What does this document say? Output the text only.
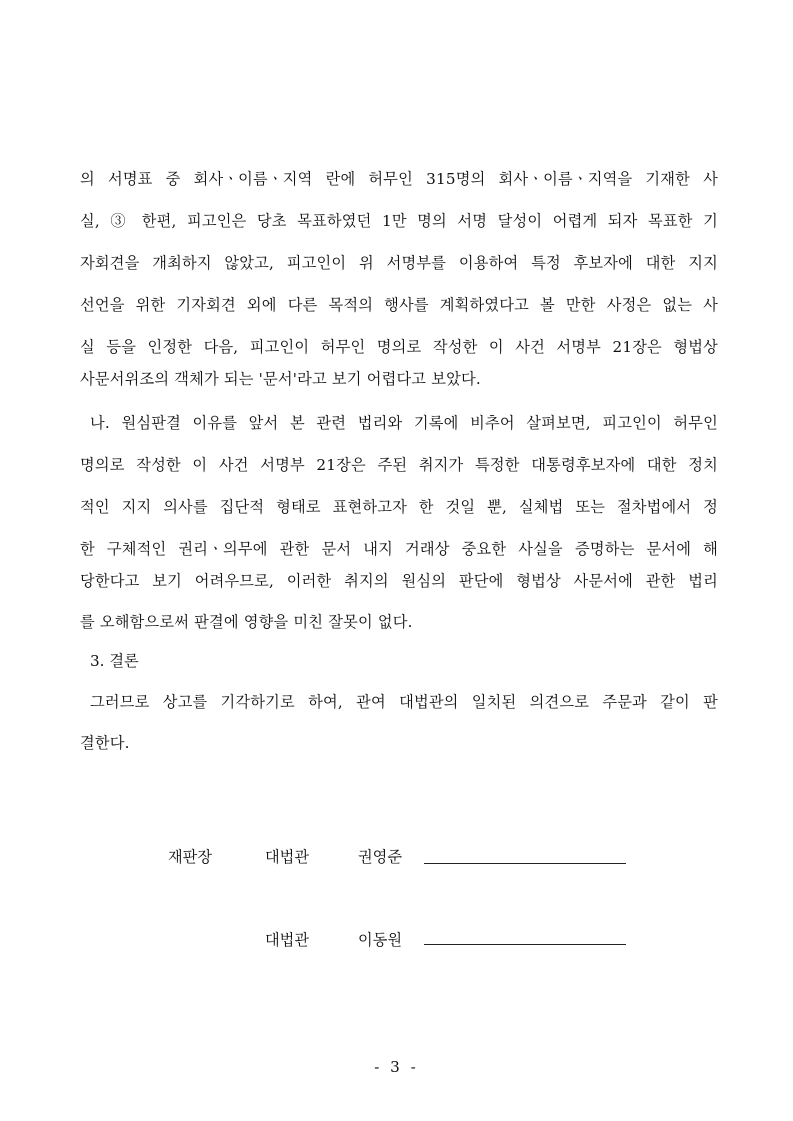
의 서명표 중 회사ㆍ이름ㆍ지역 란에 허무인 315명의 회사ㆍ이름ㆍ지역을 기재한 사
실, ③ 한편, 피고인은 당초 목표하였던 1만 명의 서명 달성이 어렵게 되자 목표한 기
자회견을 개최하지 않았고, 피고인이 위 서명부를 이용하여 특정 후보자에 대한 지지
선언을 위한 기자회견 외에 다른 목적의 행사를 계획하였다고 볼 만한 사정은 없는 사
실 등을 인정한 다음, 피고인이 허무인 명의로 작성한 이 사건 서명부 21장은 형법상
사문서위조의 객체가 되는 '문서'라고 보기 어렵다고 보았다.
나. 원심판결 이유를 앞서 본 관련 법리와 기록에 비추어 살펴보면, 피고인이 허무인
명의로 작성한 이 사건 서명부 21장은 주된 취지가 특정한 대통령후보자에 대한 정치
적인 지지 의사를 집단적 형태로 표현하고자 한 것일 뿐, 실체법 또는 절차법에서 정
한 구체적인 권리ㆍ의무에 관한 문서 내지 거래상 중요한 사실을 증명하는 문서에 해
당한다고 보기 어려우므로, 이러한 취지의 원심의 판단에 형법상 사문서에 관한 법리
를 오해함으로써 판결에 영향을 미친 잘못이 없다.
3. 결론
그러므로 상고를 기각하기로 하여, 관여 대법관의 일치된 의견으로 주문과 같이 판
결한다.
재판장	대법관	권영준
대법관	이동원
- 3 -
